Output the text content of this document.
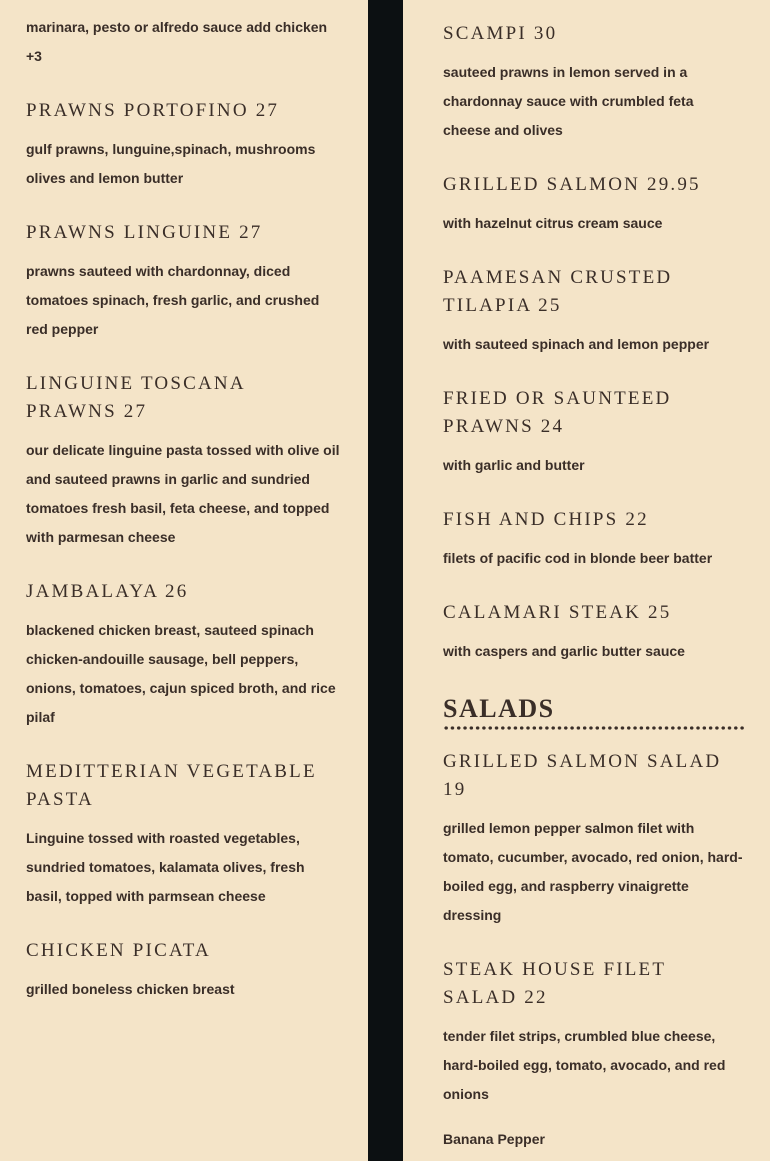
marinara, pesto or alfredo sauce add chicken +3

PRAWNS PORTOFINO 27

gulf prawns, lunguine,spinach, mushrooms olives and lemon butter

PRAWNS LINGUINE 27

prawns sauteed with chardonnay, diced tomatoes spinach, fresh garlic, and crushed red pepper

LINGUINE TOSCANA PRAWNS 27

our delicate linguine pasta tossed with olive oil and sauteed prawns in garlic and sundried tomatoes fresh basil, feta cheese, and topped with parmesan cheese

JAMBALAYA 26

blackened chicken breast, sauteed spinach chicken-andouille sausage, bell peppers, onions, tomatoes, cajun spiced broth, and rice pilaf

MEDITTERIAN VEGETABLE PASTA

Linguine tossed with roasted vegetables, sundried tomatoes, kalamata olives, fresh basil, topped with parmsean cheese

CHICKEN PICATA

grilled boneless chicken breast

SCAMPI 30

sauteed prawns in lemon served in a chardonnay sauce with crumbled feta cheese and olives

GRILLED SALMON 29.95

with hazelnut citrus cream sauce

PAAMESAN CRUSTED TILAPIA 25

with sauteed spinach and lemon pepper

FRIED OR SAUNTEED PRAWNS 24

with garlic and butter

FISH AND CHIPS 22

filets of pacific cod in blonde beer batter

CALAMARI STEAK 25

with caspers and garlic butter sauce

SALADS
GRILLED SALMON SALAD 19

grilled lemon pepper salmon filet with tomato, cucumber, avocado, red onion, hard-boiled egg, and raspberry vinaigrette dressing

STEAK HOUSE FILET SALAD 22

tender filet strips, crumbled blue cheese, hard-boiled egg, tomato, avocado, and red onions

Banana Pepper
